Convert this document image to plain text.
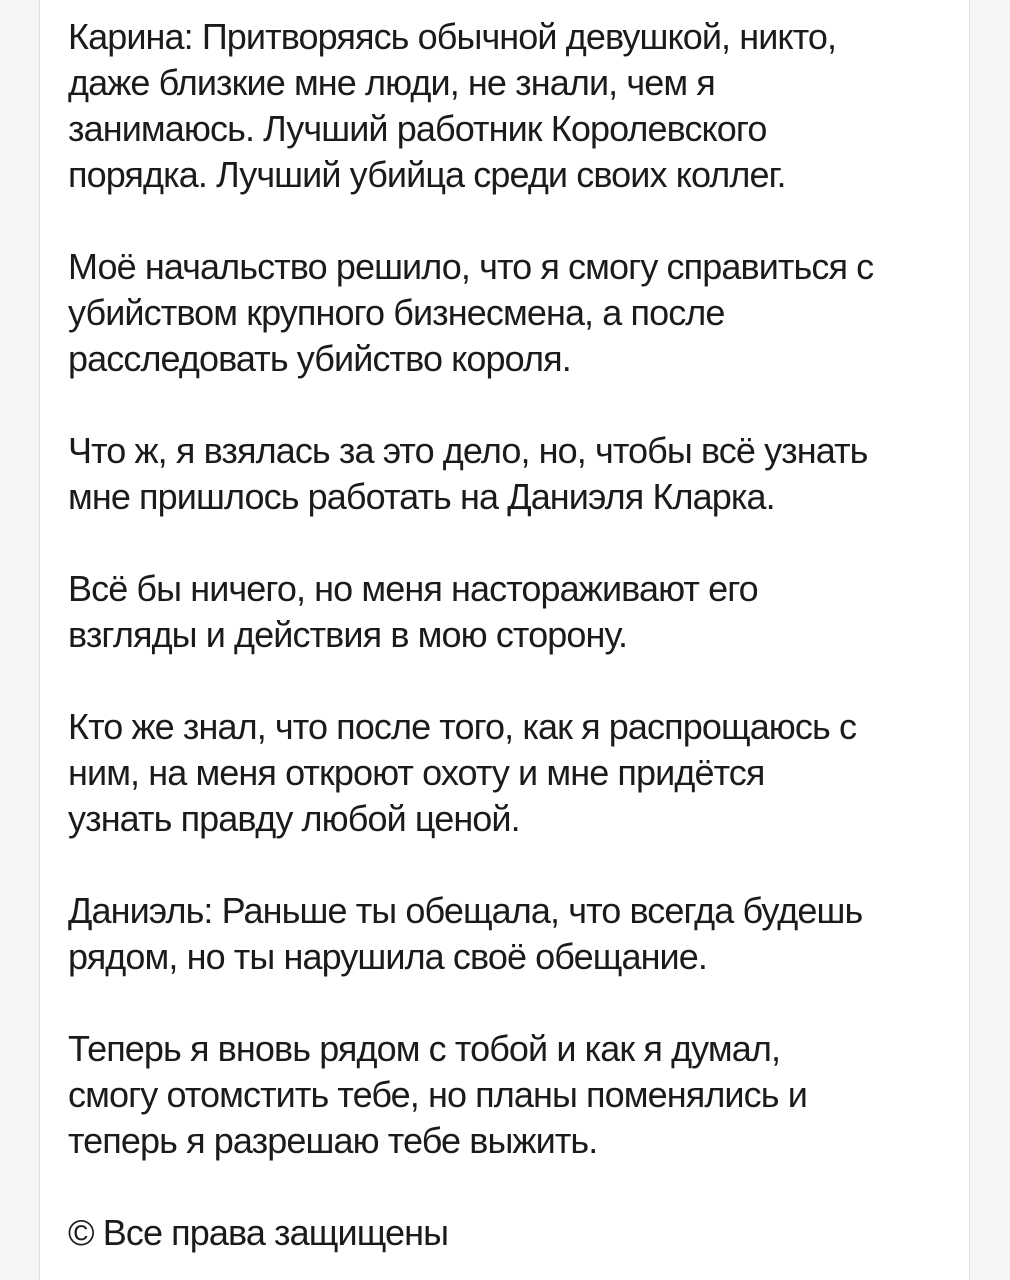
Карина: Притворяясь обычной девушкой, никто,
даже близкие мне люди, не знали, чем я
занимаюсь. Лучший работник Королевского
порядка. Лучший убийца среди своих коллег.

Моё начальство решило, что я смогу справиться с
убийством крупного бизнесмена, а после
расследовать убийство короля.

Что ж, я взялась за это дело, но, чтобы всё узнать
мне пришлось работать на Даниэля Кларка.

Всё бы ничего, но меня настораживают его
взгляды и действия в мою сторону.

Кто же знал, что после того, как я распрощаюсь с
ним, на меня откроют охоту и мне придётся
узнать правду любой ценой.

Даниэль: Раньше ты обещала, что всегда будешь
рядом, но ты нарушила своё обещание.

Теперь я вновь рядом с тобой и как я думал,
смогу отомстить тебе, но планы поменялись и
теперь я разрешаю тебе выжить.

© Все права защищены
